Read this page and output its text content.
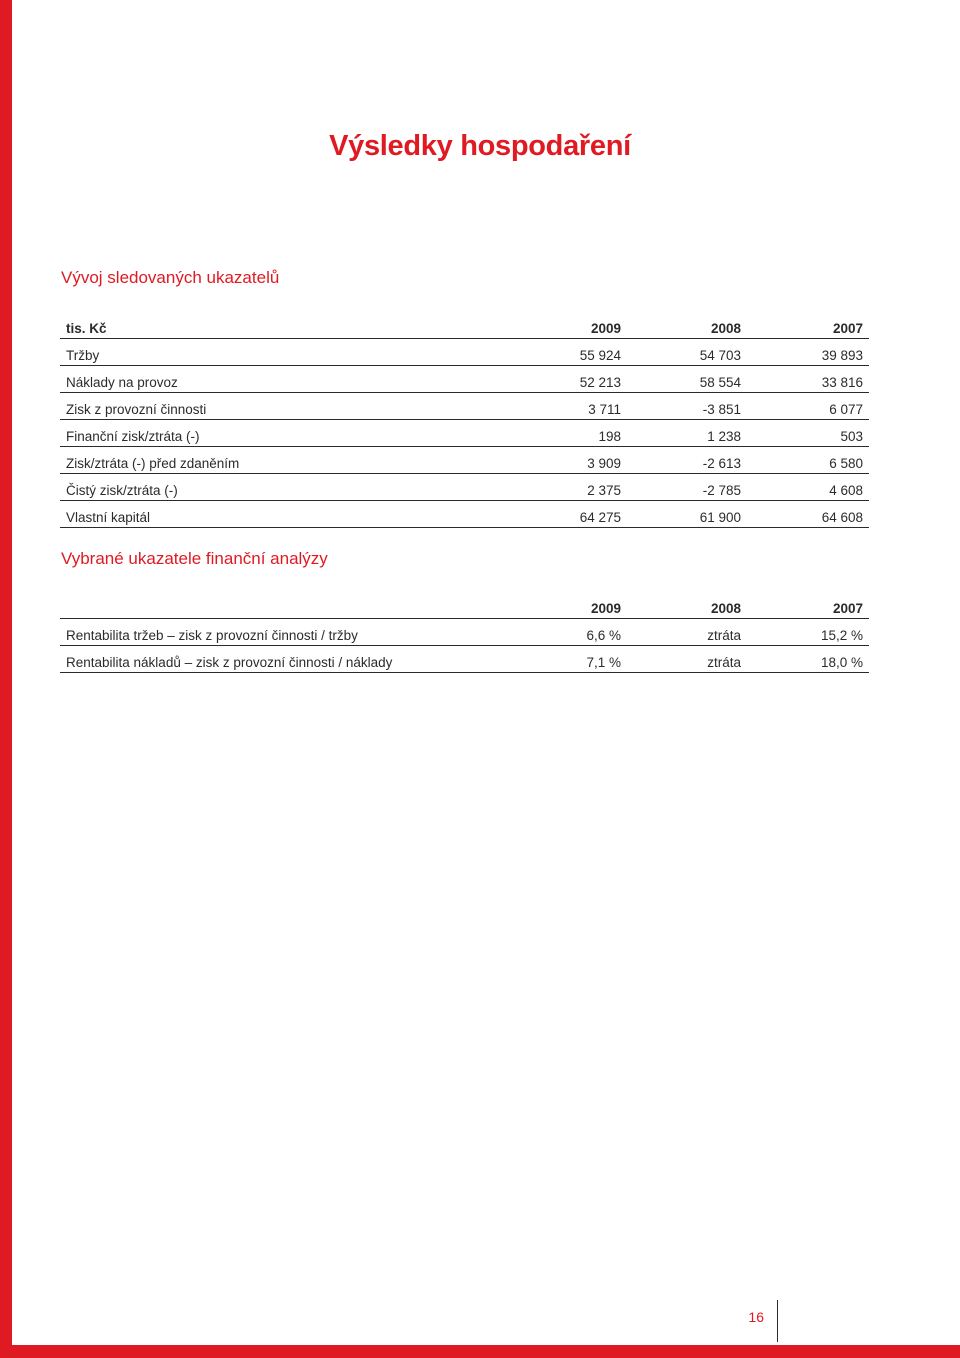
Výsledky hospodaření
Vývoj sledovaných ukazatelů
tis. Kč	2009	2008	2007
Tržby	55 924	54 703	39 893
Náklady na provoz	52 213	58 554	33 816
Zisk z provozní činnosti	3 711	-3 851	6 077
Finanční zisk/ztráta (-)	198	1 238	503
Zisk/ztráta (-) před zdaněním	3 909	-2 613	6 580
Čistý zisk/ztráta (-)	2 375	-2 785	4 608
Vlastní kapitál	64 275	61 900	64 608
Vybrané ukazatele finanční analýzy
	2009	2008	2007
Rentabilita tržeb – zisk z provozní činnosti / tržby	6,6 %	ztráta	15,2 %
Rentabilita nákladů – zisk z provozní činnosti / náklady	7,1 %	ztráta	18,0 %
16
